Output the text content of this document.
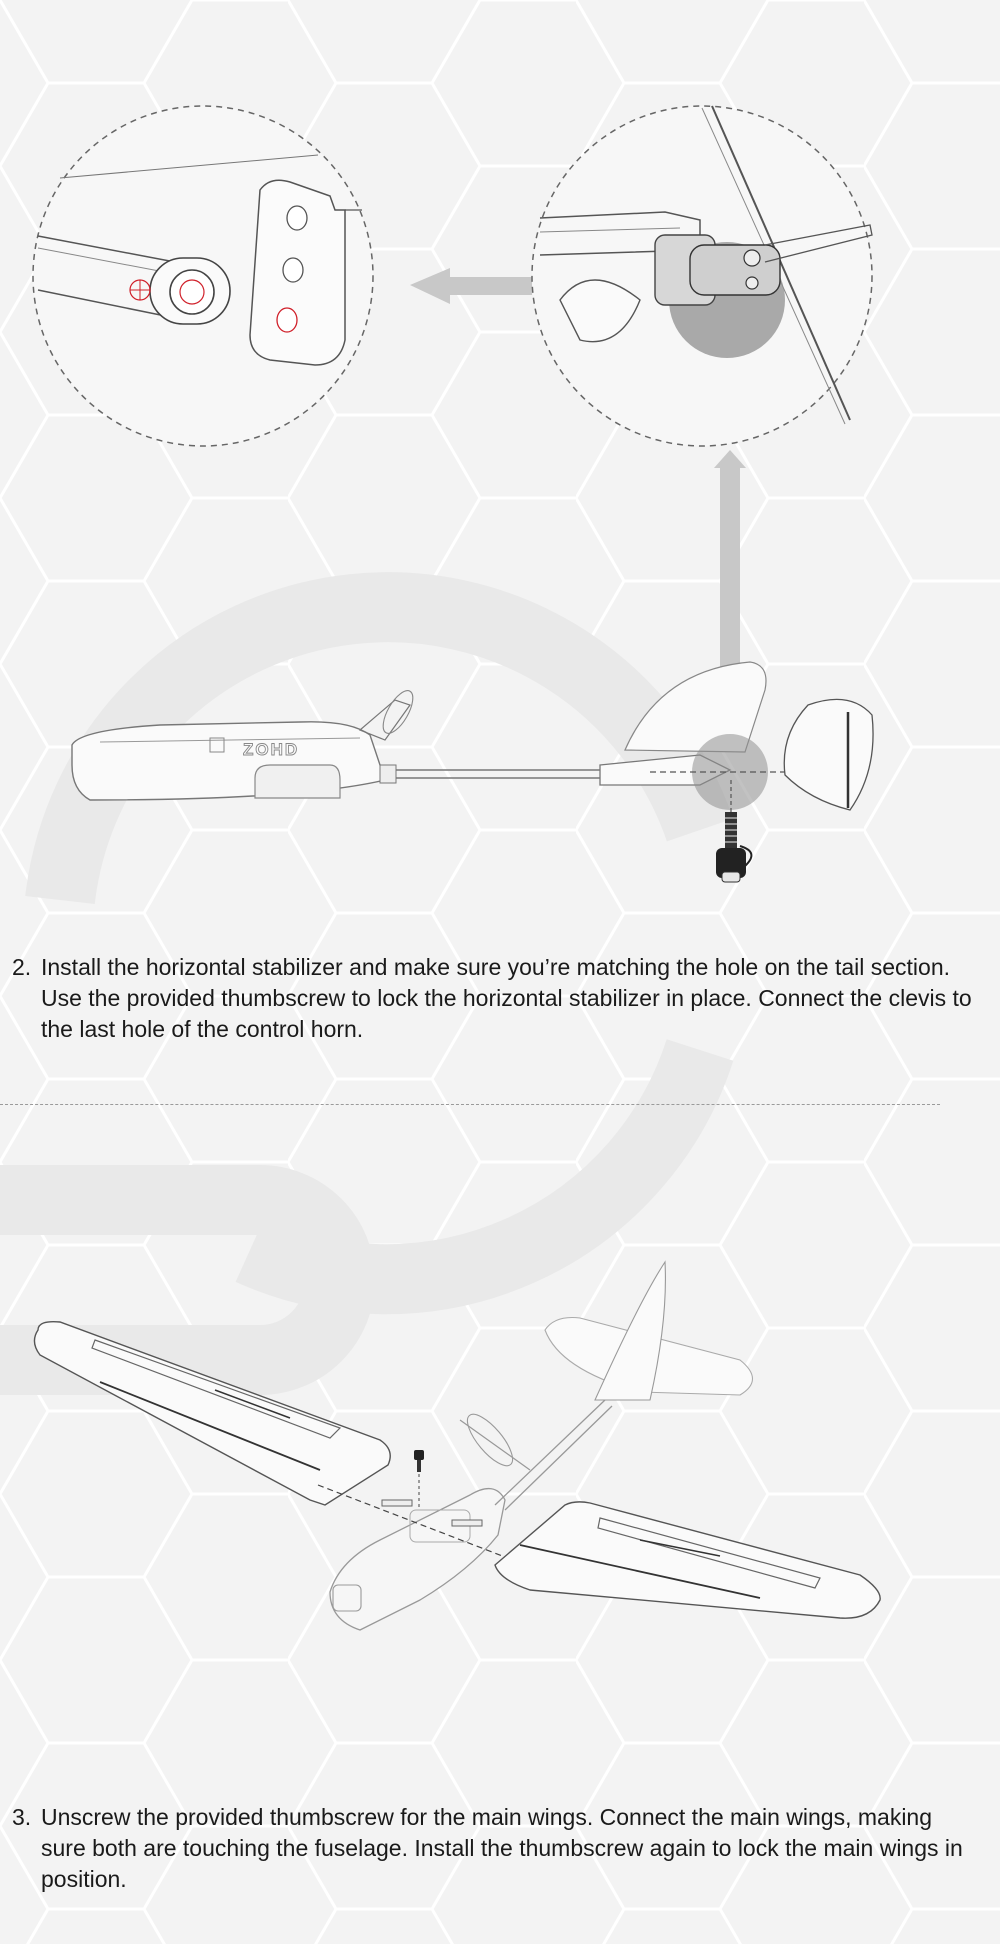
ZOHD
2. Install the horizontal stabilizer and make sure you’re matching the hole on the tail section. Use the provided thumbscrew to lock the horizontal stabilizer in place. Connect the clevis to the last hole of the control horn.
3. Unscrew the provided thumbscrew for the main wings. Connect the main wings, making sure both are touching the fuselage. Install the thumbscrew again to lock the main wings in position.
